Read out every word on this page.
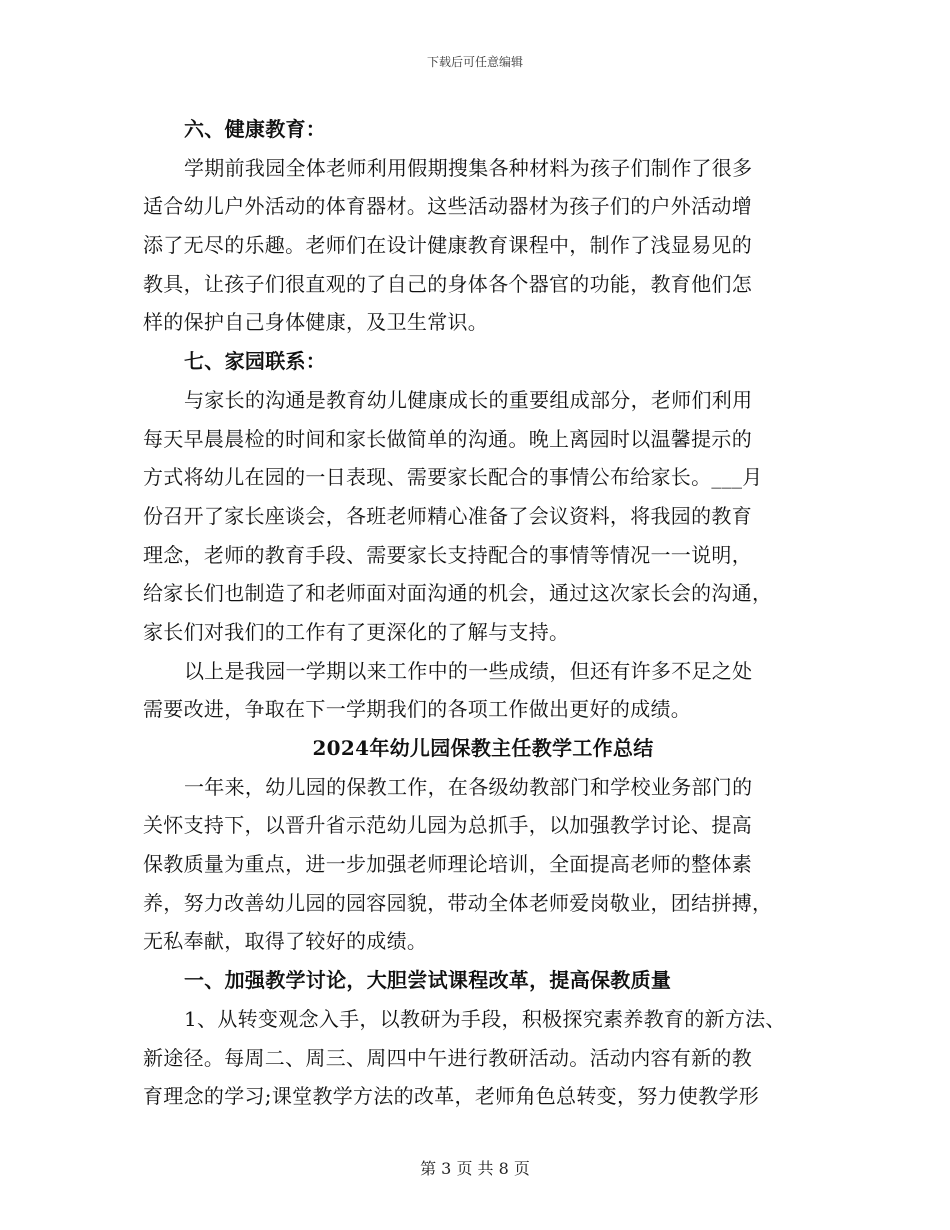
下载后可任意编辑
六、健康教育：
学期前我园全体老师利用假期搜集各种材料为孩子们制作了很多
适合幼儿户外活动的体育器材。这些活动器材为孩子们的户外活动增
添了无尽的乐趣。老师们在设计健康教育课程中，制作了浅显易见的
教具，让孩子们很直观的了自己的身体各个器官的功能，教育他们怎
样的保护自己身体健康，及卫生常识。
七、家园联系：
与家长的沟通是教育幼儿健康成长的重要组成部分，老师们利用
每天早晨晨检的时间和家长做简单的沟通。晚上离园时以温馨提示的
方式将幼儿在园的一日表现、需要家长配合的事情公布给家长。___月
份召开了家长座谈会，各班老师精心准备了会议资料，将我园的教育
理念，老师的教育手段、需要家长支持配合的事情等情况一一说明，
给家长们也制造了和老师面对面沟通的机会，通过这次家长会的沟通，
家长们对我们的工作有了更深化的了解与支持。
以上是我园一学期以来工作中的一些成绩，但还有许多不足之处
需要改进，争取在下一学期我们的各项工作做出更好的成绩。
2024年幼儿园保教主任教学工作总结
一年来，幼儿园的保教工作，在各级幼教部门和学校业务部门的
关怀支持下，以晋升省示范幼儿园为总抓手，以加强教学讨论、提高
保教质量为重点，进一步加强老师理论培训，全面提高老师的整体素
养，努力改善幼儿园的园容园貌，带动全体老师爱岗敬业，团结拼搏，
无私奉献，取得了较好的成绩。
一、加强教学讨论，大胆尝试课程改革，提高保教质量
1、从转变观念入手，以教研为手段，积极探究素养教育的新方法、
新途径。每周二、周三、周四中午进行教研活动。活动内容有新的教
育理念的学习;课堂教学方法的改革，老师角色总转变，努力使教学形
第 3 页 共 8 页
